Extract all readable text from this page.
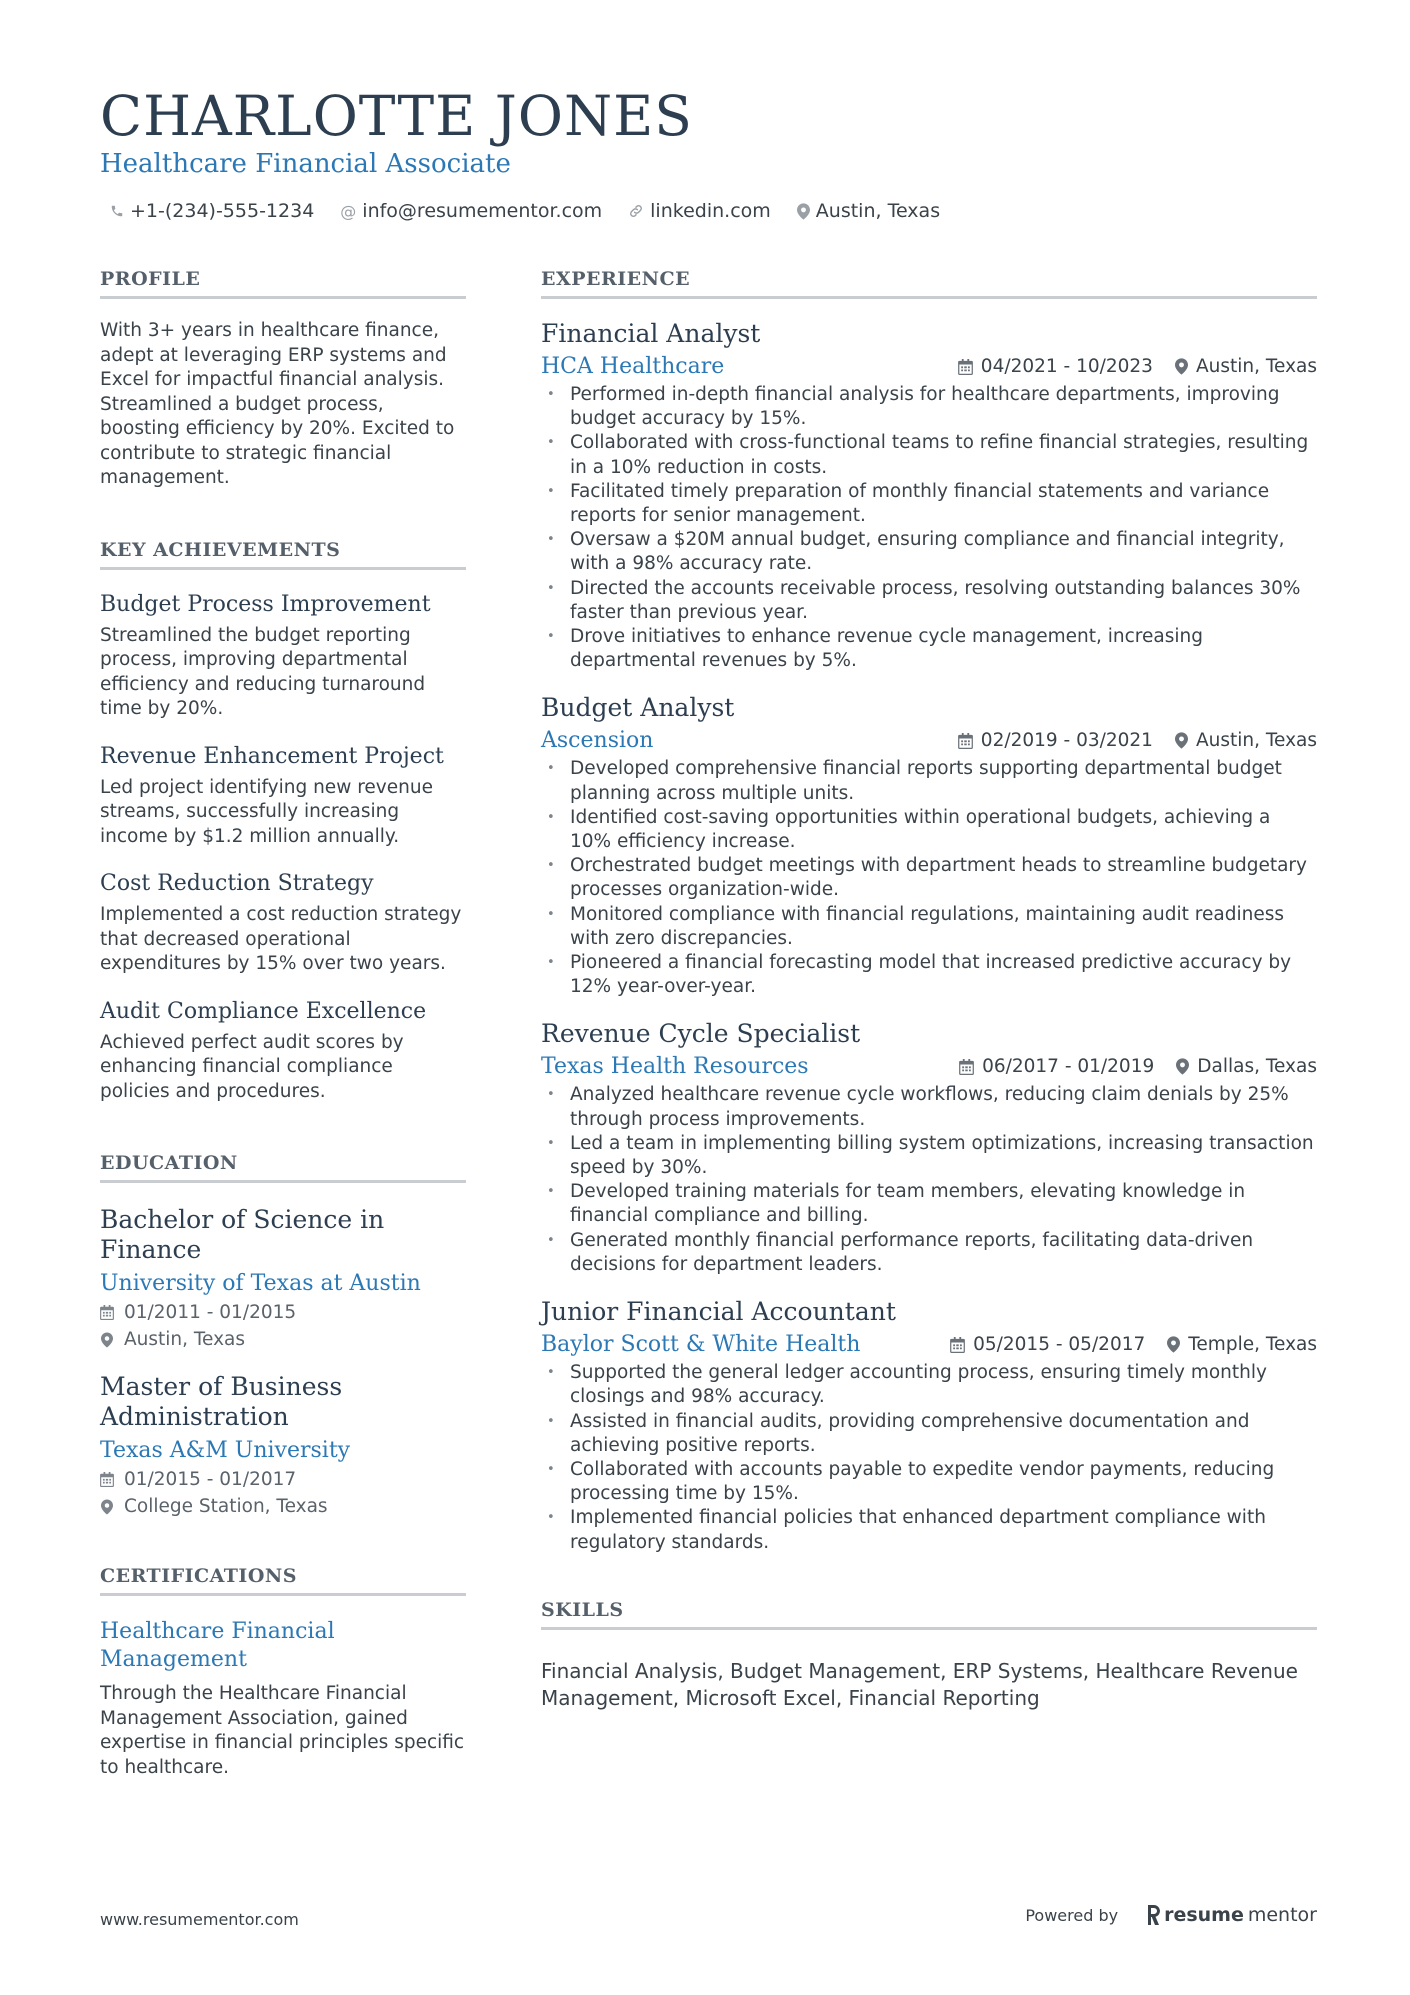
CHARLOTTE JONES
Healthcare Financial Associate
+1-(234)-555-1234 @ info@resumementor.com	linkedin.com Austin, Texas
PROFILE

With 3+ years in healthcare finance, adept at leveraging ERP systems and Excel for impactful financial analysis. Streamlined a budget process, boosting efficiency by 20%. Excited to contribute to strategic financial management.

KEY ACHIEVEMENTS
Budget Process Improvement

Streamlined the budget reporting process, improving departmental efficiency and reducing turnaround time by 20%.

Revenue Enhancement Project

Led project identifying new revenue streams, successfully increasing income by $1.2 million annually.

Cost Reduction Strategy

Implemented a cost reduction strategy that decreased operational expenditures by 15% over two years.

Audit Compliance Excellence

Achieved perfect audit scores by enhancing financial compliance policies and procedures.

EDUCATION
Bachelor of Science in Finance
University of Texas at Austin
01/2011 - 01/2015
Austin, Texas
Master of Business Administration
Texas A&M University
01/2015 - 01/2017
College Station, Texas
CERTIFICATIONS
Healthcare Financial Management

Through the Healthcare Financial Management Association, gained expertise in financial principles specific to healthcare.

EXPERIENCE
Financial Analyst
HCA Healthcare	04/2021 - 10/2023 Austin, Texas
• Performed in-depth financial analysis for healthcare departments, improving budget accuracy by 15%.
• Collaborated with cross-functional teams to refine financial strategies, resulting in a 10% reduction in costs.
• Facilitated timely preparation of monthly financial statements and variance reports for senior management.
• Oversaw a $20M annual budget, ensuring compliance and financial integrity, with a 98% accuracy rate.
• Directed the accounts receivable process, resolving outstanding balances 30% faster than previous year.
• Drove initiatives to enhance revenue cycle management, increasing departmental revenues by 5%.
Budget Analyst
Ascension	02/2019 - 03/2021 Austin, Texas
• Developed comprehensive financial reports supporting departmental budget planning across multiple units.
• Identified cost-saving opportunities within operational budgets, achieving a 10% efficiency increase.
• Orchestrated budget meetings with department heads to streamline budgetary processes organization-wide.
• Monitored compliance with financial regulations, maintaining audit readiness with zero discrepancies.
• Pioneered a financial forecasting model that increased predictive accuracy by 12% year-over-year.
Revenue Cycle Specialist
Texas Health Resources	06/2017 - 01/2019 Dallas, Texas
• Analyzed healthcare revenue cycle workflows, reducing claim denials by 25% through process improvements.
• Led a team in implementing billing system optimizations, increasing transaction speed by 30%.
• Developed training materials for team members, elevating knowledge in financial compliance and billing.
• Generated monthly financial performance reports, facilitating data-driven decisions for department leaders.
Junior Financial Accountant
Baylor Scott & White Health	05/2015 - 05/2017 Temple, Texas
• Supported the general ledger accounting process, ensuring timely monthly closings and 98% accuracy.
• Assisted in financial audits, providing comprehensive documentation and achieving positive reports.
• Collaborated with accounts payable to expedite vendor payments, reducing processing time by 15%.
• Implemented financial policies that enhanced department compliance with regulatory standards.
SKILLS

Financial Analysis, Budget Management, ERP Systems, Healthcare Revenue Management, Microsoft Excel, Financial Reporting

www.resumementor.com	Powered by resume mentor
